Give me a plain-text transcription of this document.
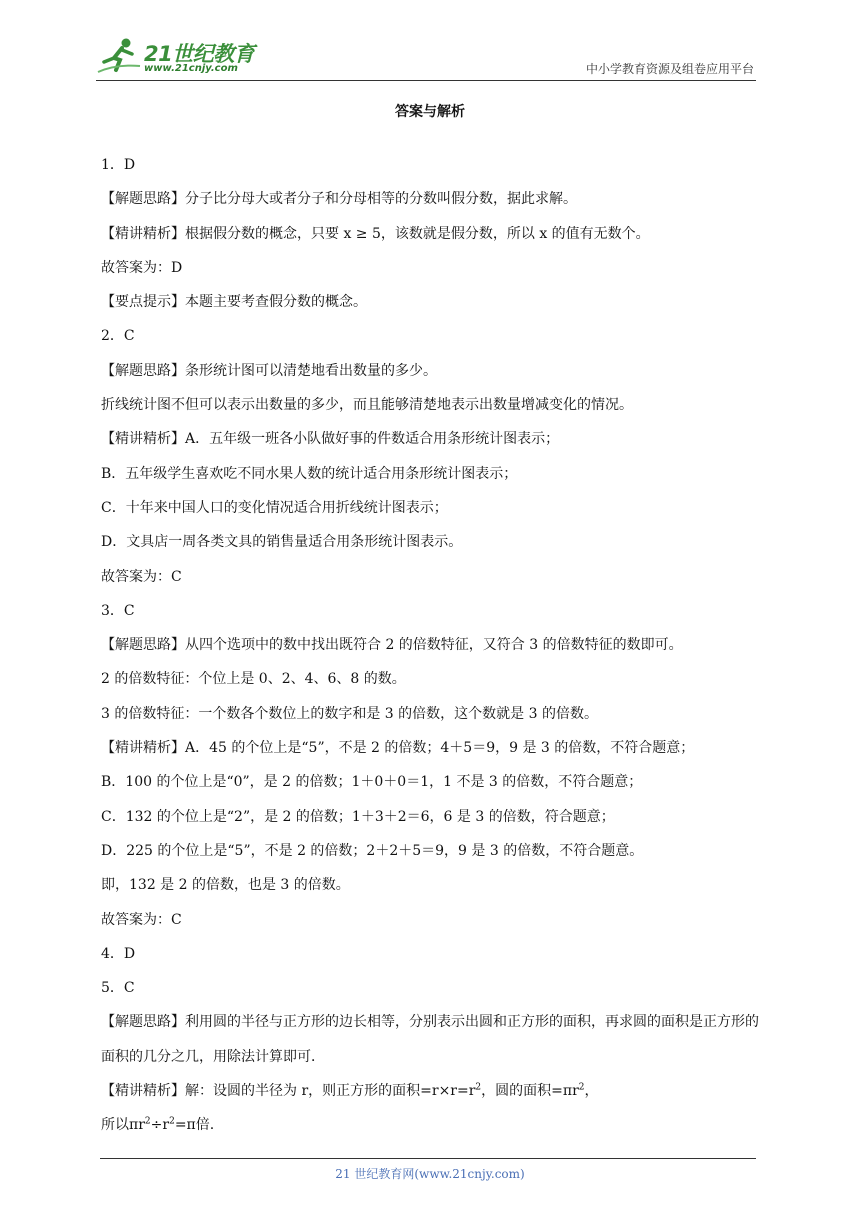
21世纪教育
www.21cnjy.com	中小学教育资源及组卷应用平台
答案与解析
1．D
【解题思路】分子比分母大或者分子和分母相等的分数叫假分数，据此求解。
【精讲精析】根据假分数的概念，只要 x ≥ 5，该数就是假分数，所以 x 的值有无数个。
故答案为：D
【要点提示】本题主要考查假分数的概念。
2．C
【解题思路】条形统计图可以清楚地看出数量的多少。
折线统计图不但可以表示出数量的多少，而且能够清楚地表示出数量增减变化的情况。
【精讲精析】A．五年级一班各小队做好事的件数适合用条形统计图表示；
B．五年级学生喜欢吃不同水果人数的统计适合用条形统计图表示；
C．十年来中国人口的变化情况适合用折线统计图表示；
D．文具店一周各类文具的销售量适合用条形统计图表示。
故答案为：C
3．C
【解题思路】从四个选项中的数中找出既符合 2 的倍数特征，又符合 3 的倍数特征的数即可。
2 的倍数特征：个位上是 0、2、4、6、8 的数。
3 的倍数特征：一个数各个数位上的数字和是 3 的倍数，这个数就是 3 的倍数。
【精讲精析】A．45 的个位上是“5”，不是 2 的倍数；4＋5＝9，9 是 3 的倍数，不符合题意；
B．100 的个位上是“0”，是 2 的倍数；1＋0＋0＝1，1 不是 3 的倍数，不符合题意；
C．132 的个位上是“2”，是 2 的倍数；1＋3＋2＝6，6 是 3 的倍数，符合题意；
D．225 的个位上是“5”，不是 2 的倍数；2＋2＋5＝9，9 是 3 的倍数，不符合题意。
即，132 是 2 的倍数，也是 3 的倍数。
故答案为：C
4．D
5．C
【解题思路】利用圆的半径与正方形的边长相等，分别表示出圆和正方形的面积，再求圆的面积是正方形的面积的几分之几，用除法计算即可．
【精讲精析】解：设圆的半径为 r，则正方形的面积$=r\times r=r^2$，圆的面积$=\pi r^2$，
所以$\pi r^2\div r^2=\pi$倍.
21 世纪教育网(www.21cnjy.com)
